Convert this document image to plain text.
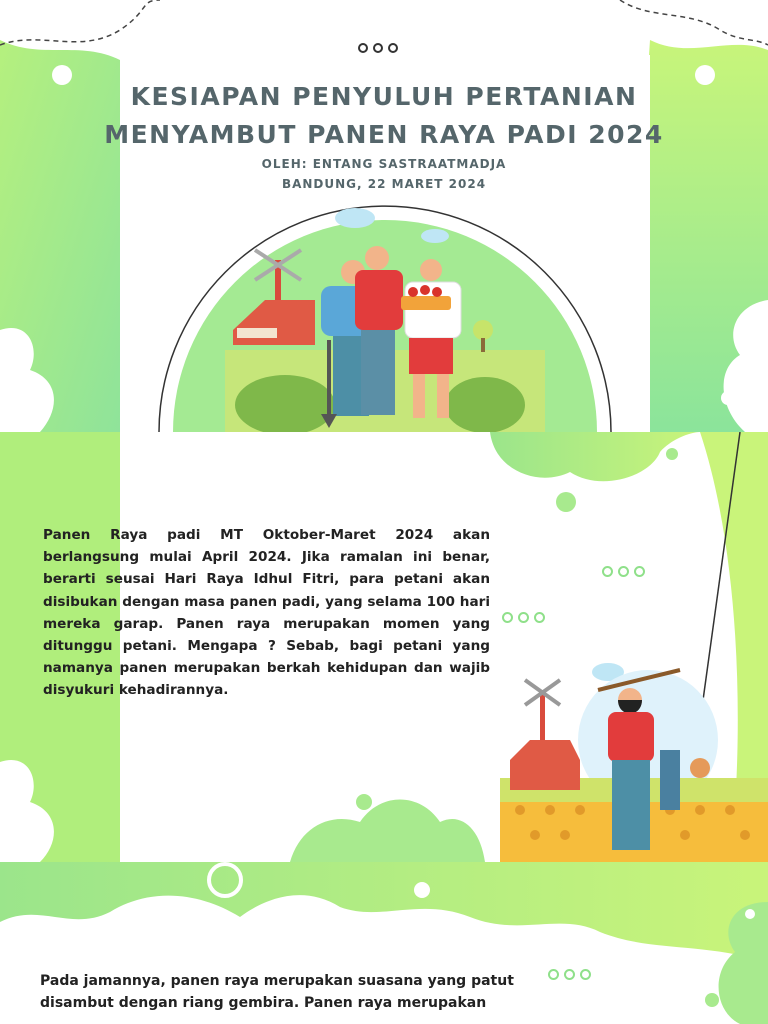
KESIAPAN PENYULUH PERTANIAN
MENYAMBUT PANEN RAYA PADI 2024
OLEH: ENTANG SASTRAATMADJA
BANDUNG, 22 MARET 2024
Panen Raya padi MT Oktober-Maret 2024 akan berlangsung mulai April 2024. Jika ramalan ini benar, berarti seusai Hari Raya Idhul Fitri, para petani akan disibukan dengan masa panen padi, yang selama 100 hari mereka garap. Panen raya merupakan momen yang ditunggu petani. Mengapa ? Sebab, bagi petani yang namanya panen merupakan berkah kehidupan dan wajib disyukuri kehadirannya.
Pada jamannya, panen raya merupakan suasana yang patut
disambut dengan riang gembira. Panen raya merupakan
